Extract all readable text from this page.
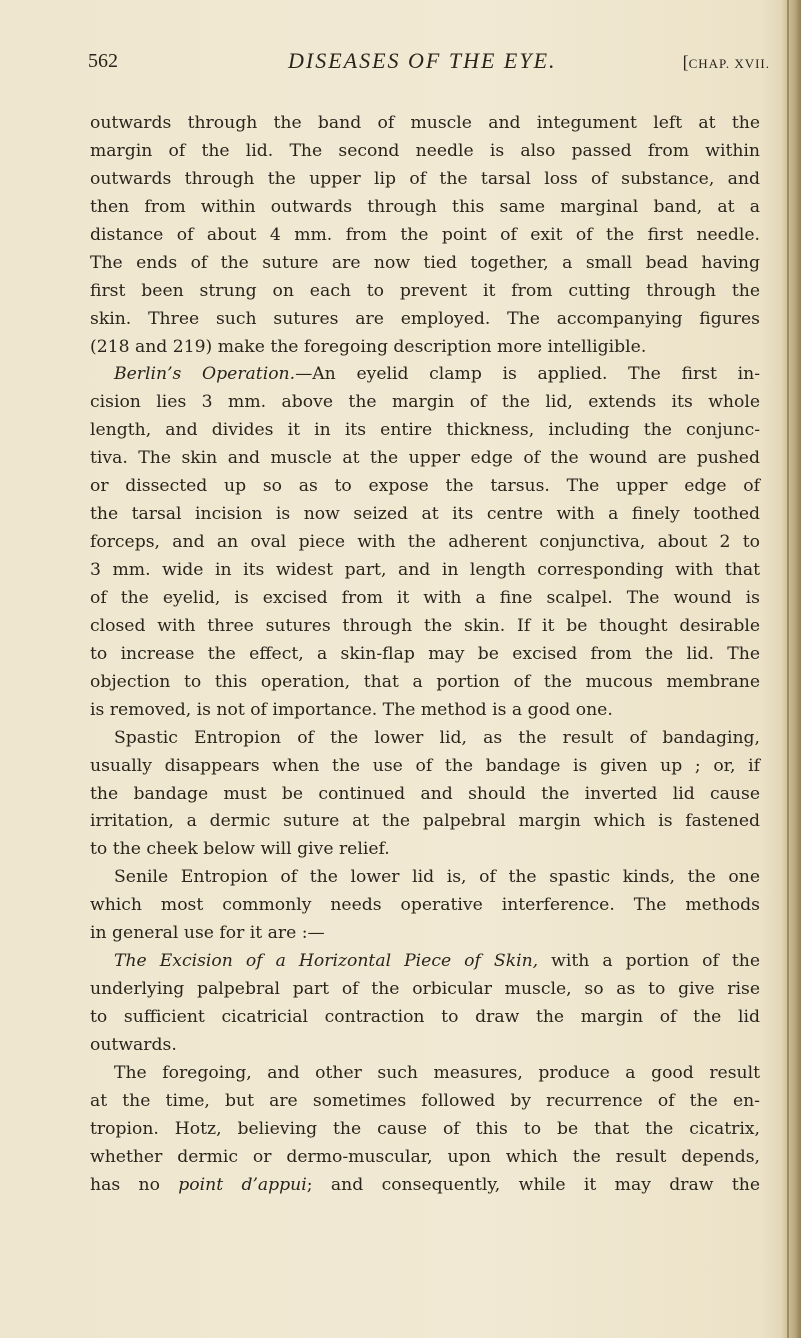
562	DISEASES OF THE EYE.	[CHAP. XVII.
outwards through the band of muscle and integument left at the
margin of the lid. The second needle is also passed from within
outwards through the upper lip of the tarsal loss of substance, and
then from within outwards through this same marginal band, at a
distance of about 4 mm. from the point of exit of the first needle.
The ends of the suture are now tied together, a small bead having
first been strung on each to prevent it from cutting through the
skin. Three such sutures are employed. The accompanying figures
(218 and 219) make the foregoing description more intelligible.
Berlin’s Operation.—An eyelid clamp is applied. The first in-
cision lies 3 mm. above the margin of the lid, extends its whole
length, and divides it in its entire thickness, including the conjunc-
tiva. The skin and muscle at the upper edge of the wound are pushed
or dissected up so as to expose the tarsus. The upper edge of
the tarsal incision is now seized at its centre with a finely toothed
forceps, and an oval piece with the adherent conjunctiva, about 2 to
3 mm. wide in its widest part, and in length corresponding with that
of the eyelid, is excised from it with a fine scalpel. The wound is
closed with three sutures through the skin. If it be thought desirable
to increase the effect, a skin-flap may be excised from the lid. The
objection to this operation, that a portion of the mucous membrane
is removed, is not of importance. The method is a good one.
Spastic Entropion of the lower lid, as the result of bandaging,
usually disappears when the use of the bandage is given up ; or, if
the bandage must be continued and should the inverted lid cause
irritation, a dermic suture at the palpebral margin which is fastened
to the cheek below will give relief.
Senile Entropion of the lower lid is, of the spastic kinds, the one
which most commonly needs operative interference. The methods
in general use for it are :—
The Excision of a Horizontal Piece of Skin, with a portion of the
underlying palpebral part of the orbicular muscle, so as to give rise
to sufficient cicatricial contraction to draw the margin of the lid
outwards.
The foregoing, and other such measures, produce a good result
at the time, but are sometimes followed by recurrence of the en-
tropion. Hotz, believing the cause of this to be that the cicatrix,
whether dermic or dermo-muscular, upon which the result depends,
has no point d’appui; and consequently, while it may draw the
